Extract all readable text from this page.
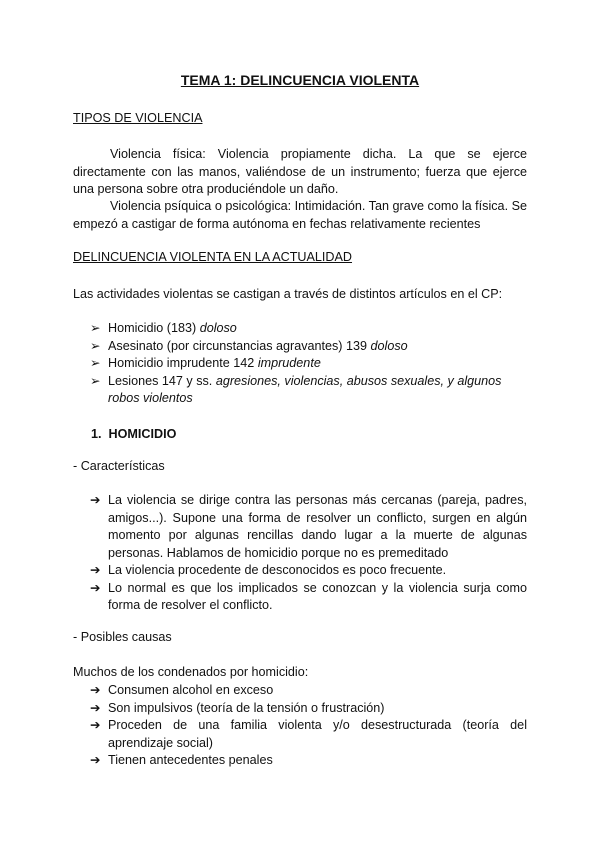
TEMA 1: DELINCUENCIA VIOLENTA
TIPOS DE VIOLENCIA
Violencia física: Violencia propiamente dicha. La que se ejerce directamente con las manos, valiéndose de un instrumento; fuerza que ejerce una persona sobre otra produciéndole un daño.
Violencia psíquica o psicológica: Intimidación. Tan grave como la física. Se empezó a castigar de forma autónoma en fechas relativamente recientes
DELINCUENCIA VIOLENTA EN LA ACTUALIDAD
Las actividades violentas se castigan a través de distintos artículos en el CP:
➢ Homicidio (183) doloso
➢ Asesinato (por circunstancias agravantes) 139 doloso
➢ Homicidio imprudente 142 imprudente
➢ Lesiones 147 y ss. agresiones, violencias, abusos sexuales, y algunos robos violentos
1. HOMICIDIO
- Características
➔ La violencia se dirige contra las personas más cercanas (pareja, padres, amigos...). Supone una forma de resolver un conflicto, surgen en algún momento por algunas rencillas dando lugar a la muerte de algunas personas. Hablamos de homicidio porque no es premeditado
➔ La violencia procedente de desconocidos es poco frecuente.
➔ Lo normal es que los implicados se conozcan y la violencia surja como forma de resolver el conflicto.
- Posibles causas
Muchos de los condenados por homicidio:
➔ Consumen alcohol en exceso
➔ Son impulsivos (teoría de la tensión o frustración)
➔ Proceden de una familia violenta y/o desestructurada (teoría del aprendizaje social)
➔ Tienen antecedentes penales
